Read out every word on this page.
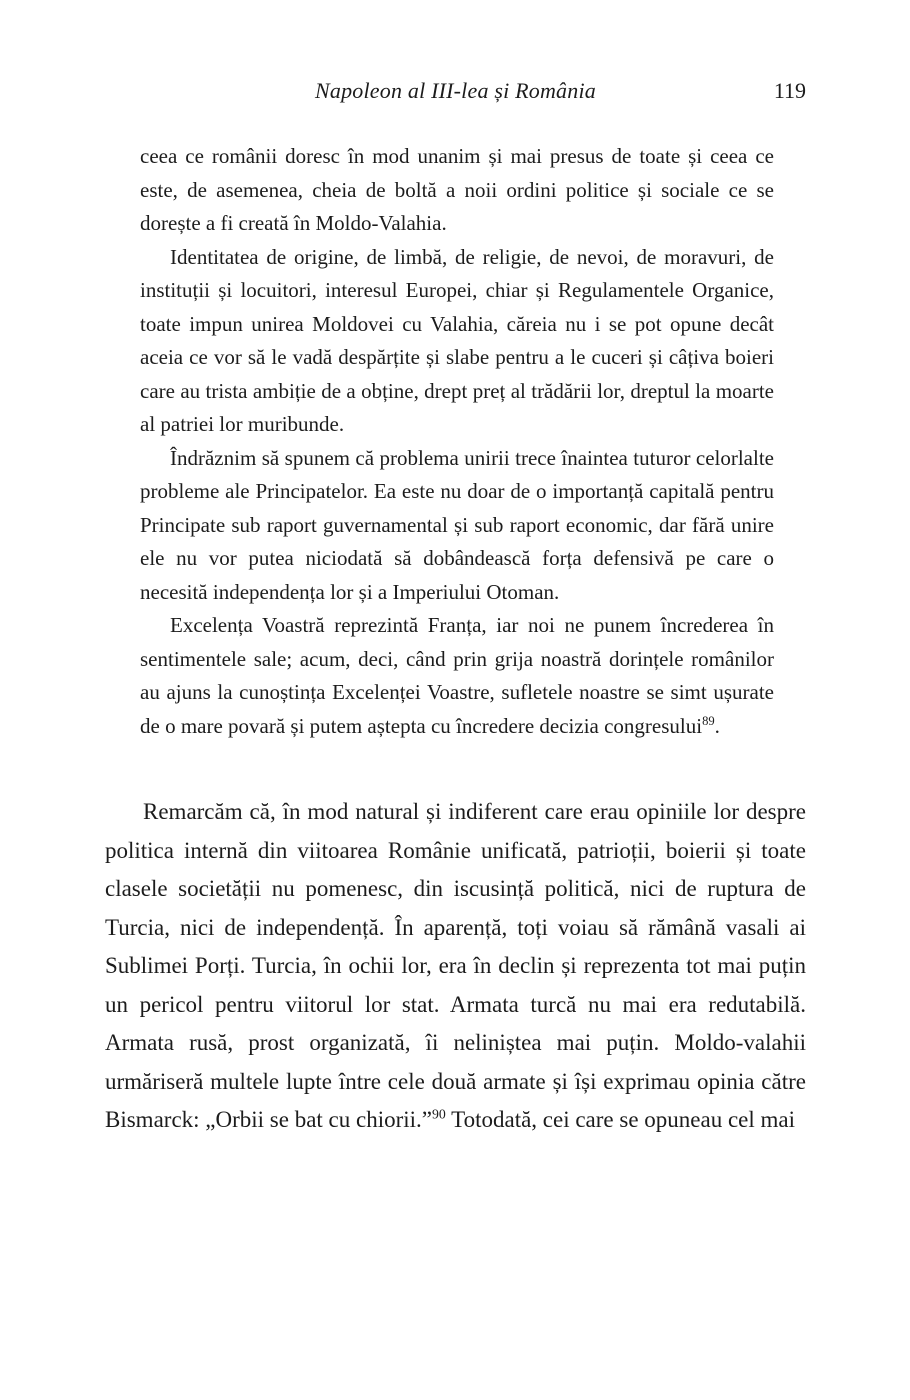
Napoleon al III-lea și România	119

ceea ce românii doresc în mod unanim și mai presus de toate și ceea ce este, de asemenea, cheia de boltă a noii ordini politice și sociale ce se dorește a fi creată în Moldo-Valahia.

Identitatea de origine, de limbă, de religie, de nevoi, de moravuri, de instituții și locuitori, interesul Europei, chiar și Regulamentele Organice, toate impun unirea Moldovei cu Valahia, căreia nu i se pot opune decât aceia ce vor să le vadă despărțite și slabe pentru a le cuceri și câțiva boieri care au trista ambiție de a obține, drept preț al trădării lor, dreptul la moarte al patriei lor muribunde.

Îndrăznim să spunem că problema unirii trece înaintea tuturor celorlalte probleme ale Principatelor. Ea este nu doar de o importanță capitală pentru Principate sub raport guvernamental și sub raport economic, dar fără unire ele nu vor putea niciodată să dobândească forța defensivă pe care o necesită independența lor și a Imperiului Otoman.

Excelența Voastră reprezintă Franța, iar noi ne punem încrederea în sentimentele sale; acum, deci, când prin grija noastră dorințele românilor au ajuns la cunoștința Excelenței Voastre, sufletele noastre se simt ușurate de o mare povară și putem aștepta cu încredere decizia congresului$^{89}$.

Remarcăm că, în mod natural și indiferent care erau opiniile lor despre politica internă din viitoarea Românie unificată, patrioții, boierii și toate clasele societății nu pomenesc, din iscusință politică, nici de ruptura de Turcia, nici de independență. În aparență, toți voiau să rămână vasali ai Sublimei Porți. Turcia, în ochii lor, era în declin și reprezenta tot mai puțin un pericol pentru viitorul lor stat. Armata turcă nu mai era redutabilă. Armata rusă, prost organizată, îi neliniștea mai puțin. Moldo-valahii urmăriseră multele lupte între cele două armate și își exprimau opinia către Bismarck: „Orbii se bat cu chiorii.”$^{90}$ Totodată, cei care se opuneau cel mai
